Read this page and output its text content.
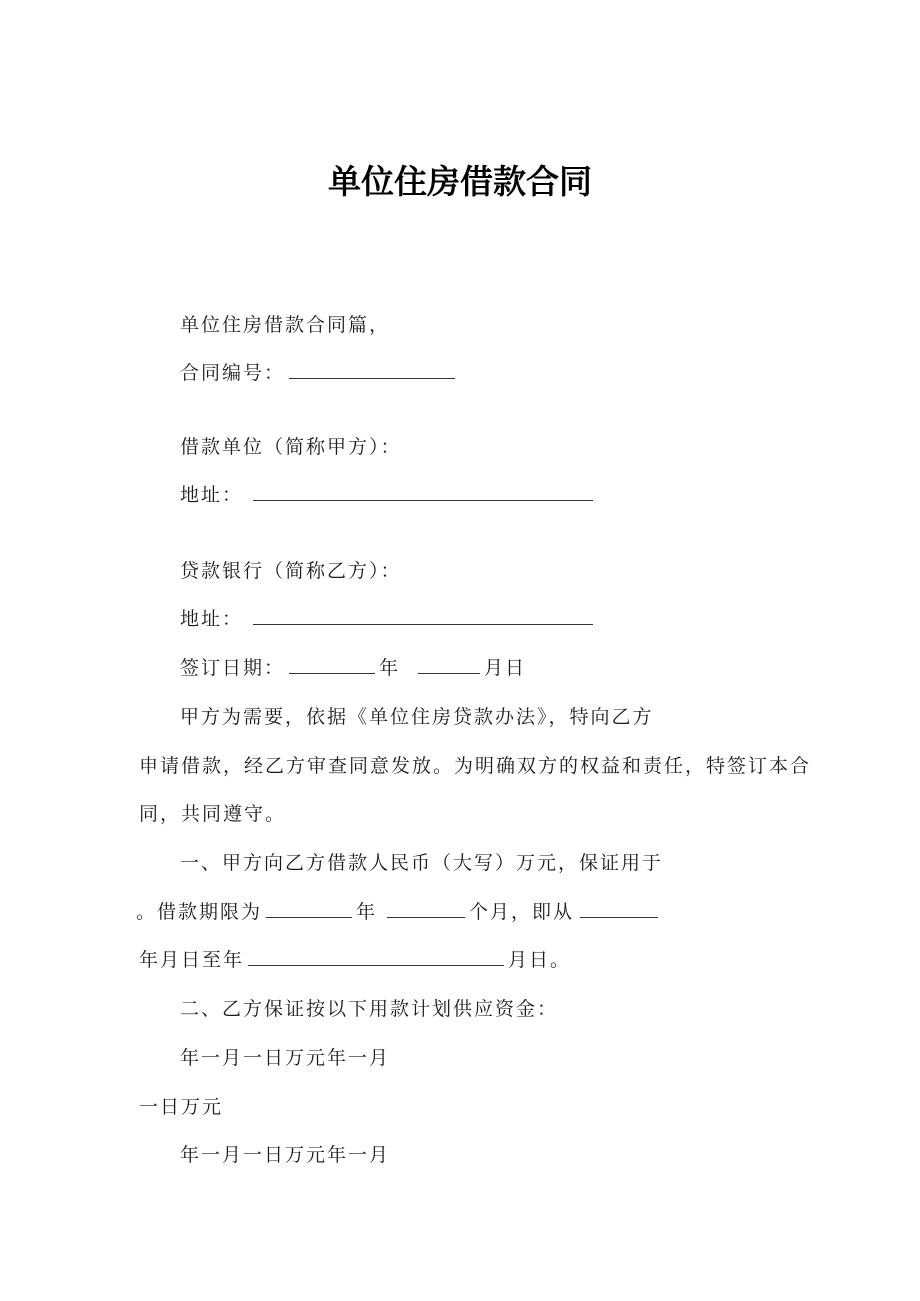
单位住房借款合同
单位住房借款合同篇，
合同编号：
借款单位（简称甲方）：
地址：
贷款银行（简称乙方）：
地址：
签订日期：	年	月日
甲方为需要，依据《单位住房贷款办法》，特向乙方
申请借款，经乙方审查同意发放。为明确双方的权益和责任，特签订本合
同，共同遵守。
一、甲方向乙方借款人民币（大写）万元，保证用于
。借款期限为	年	个月，即从
年月日至年	月日。
二、乙方保证按以下用款计划供应资金：
年一月一日万元年一月
一日万元
年一月一日万元年一月
